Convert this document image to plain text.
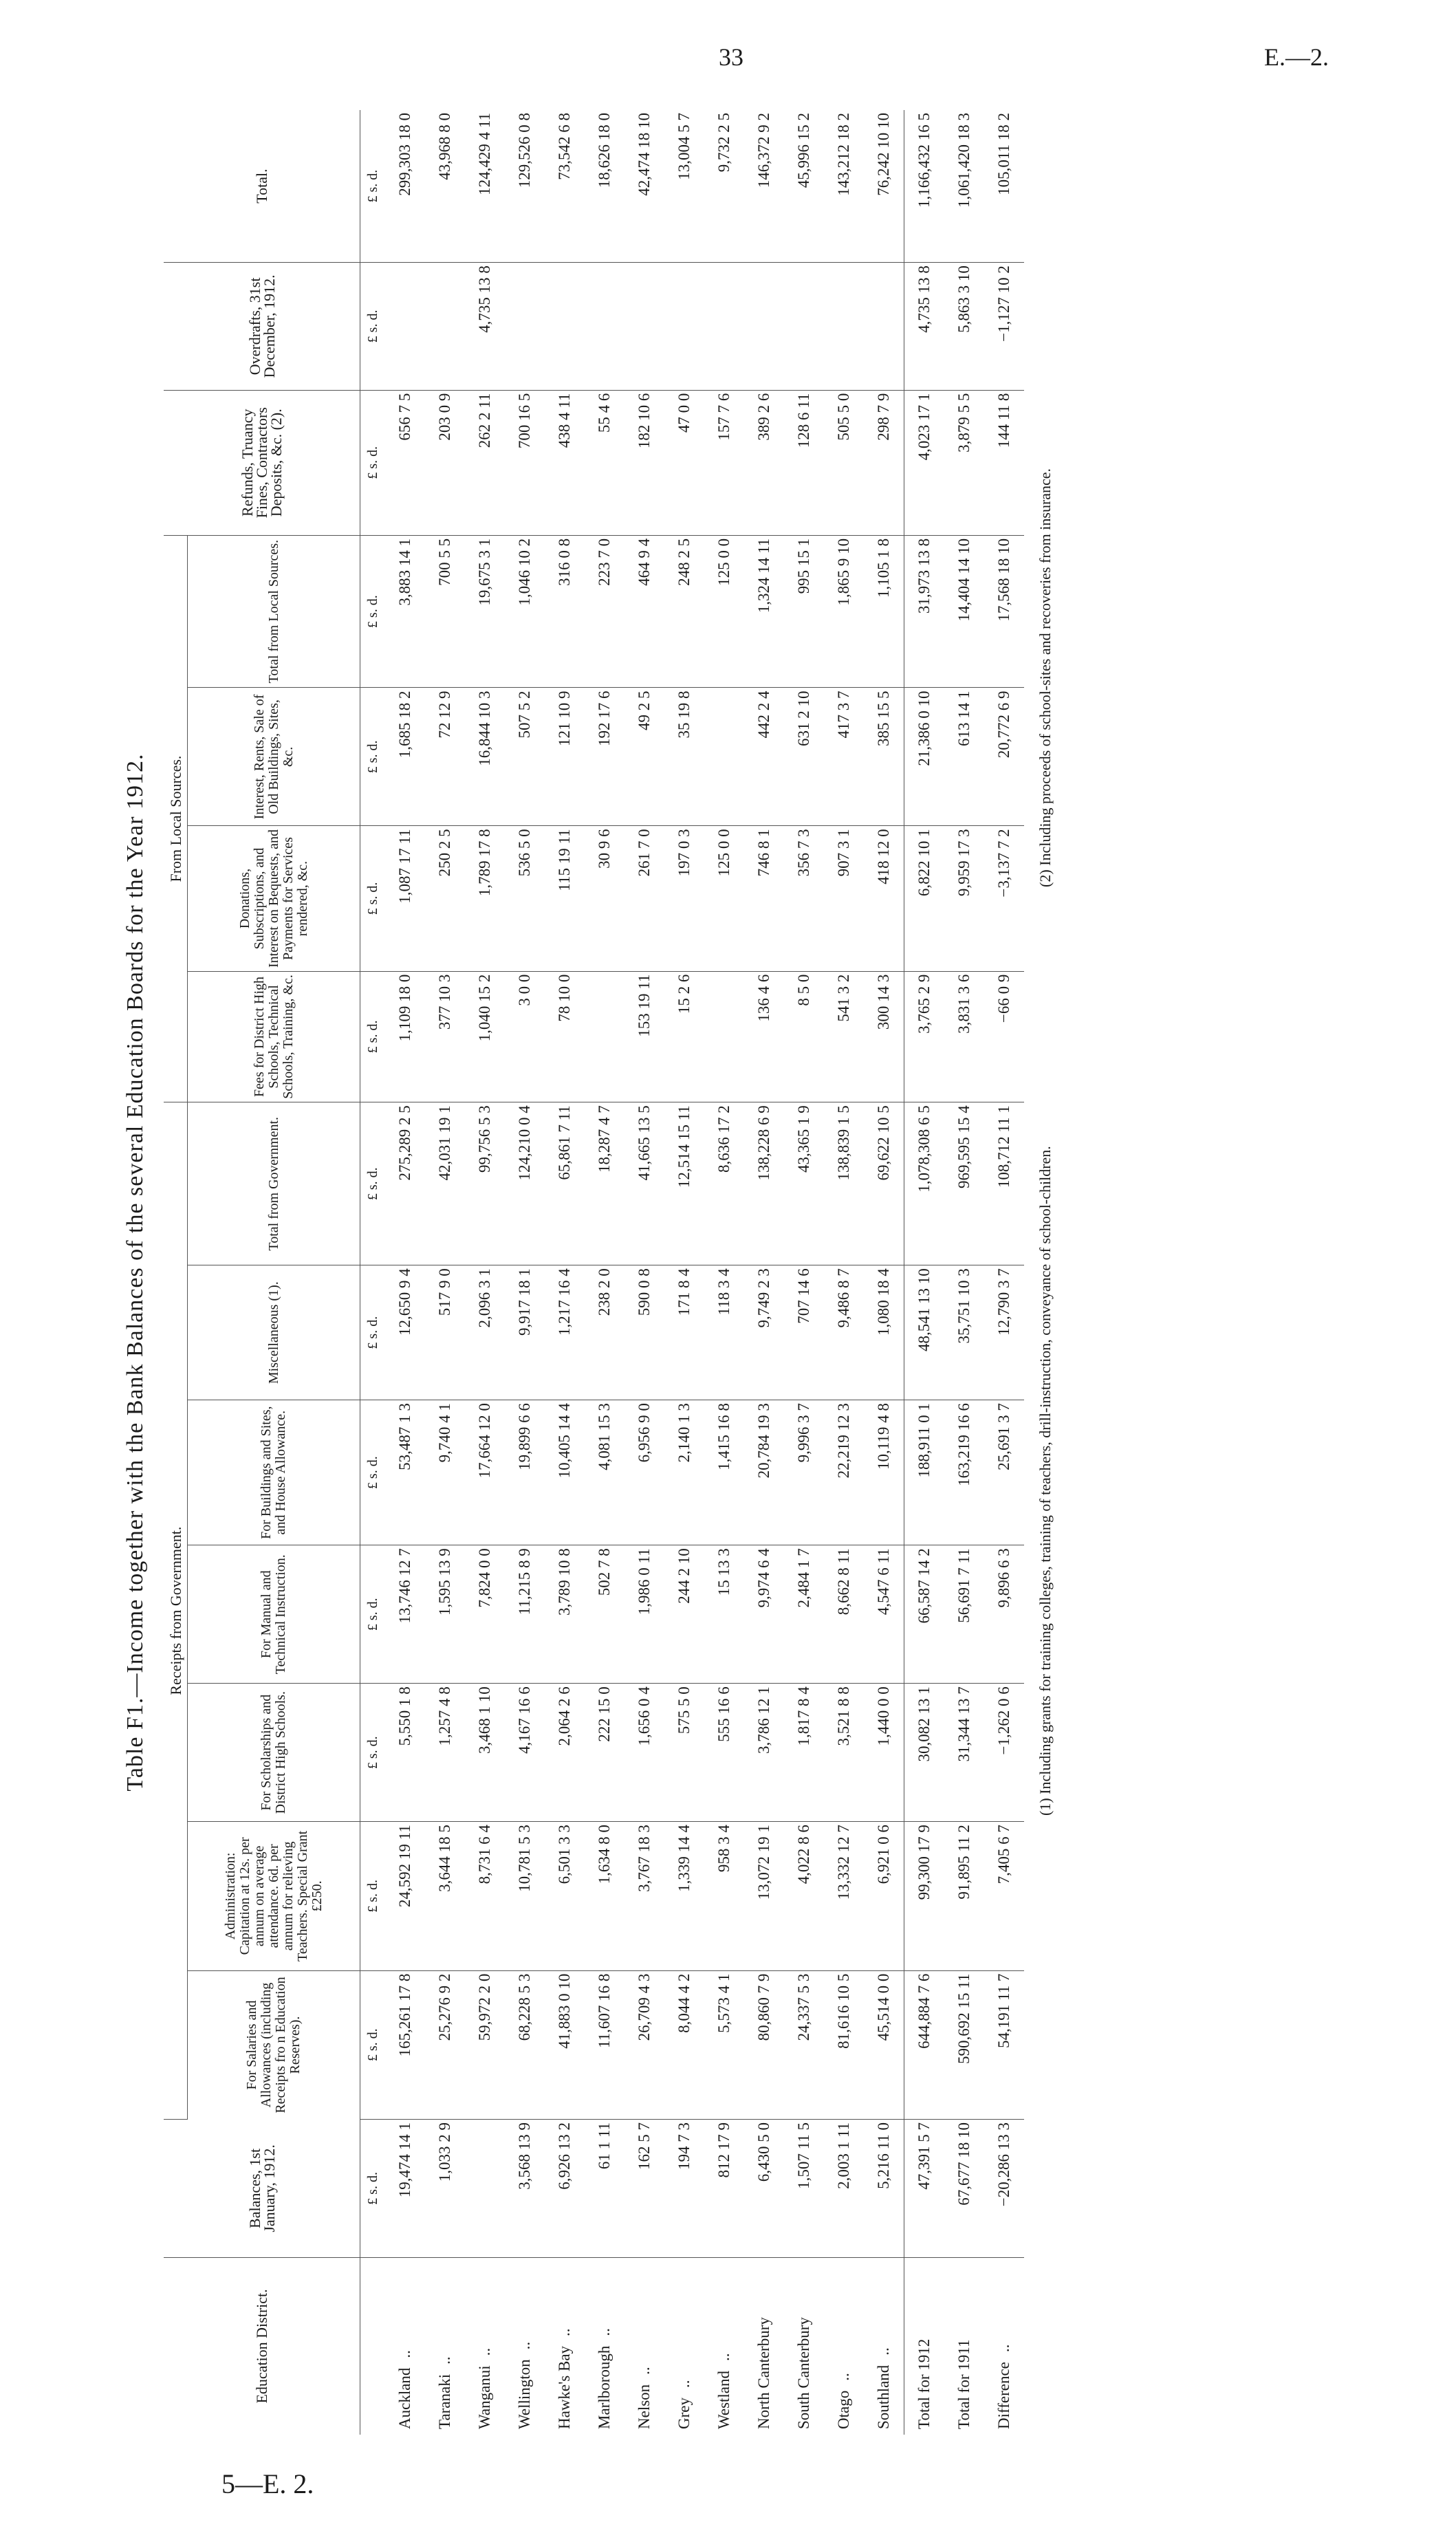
33	E.—2.
5—E. 2.
Table F1.—Income together with the Bank Balances of the several Education Boards for the Year 1912.
Education District.	Balances, 1st January, 1912.	Receipts from Government.							From Local Sources.				Refunds, Truancy Fines, Contractors Deposits, &c. (2).	Overdrafts, 31st December, 1912.	Total.
		For Salaries and Allowances (including Receipts fro n Education Reserves).	Administration: Capitation at 12s. per annum on average attendance. 6d. per annum for relieving Teachers. Special Grant £250.	For Scholarships and District High Schools.	For Manual and Technical Instruction.	For Buildings and Sites, and House Allowance.	Miscellaneous (1).	Total from Government.	Fees for District High Schools, Technical Schools, Training, &c.	Donations, Subscriptions, and Interest on Bequests, and Payments for Services rendered, &c.	Interest, Rents, Sale of Old Buildings, Sites, &c.	Total from Local Sources.			
	£ s. d.	£ s. d.	£ s. d.	£ s. d.	£ s. d.	£ s. d.	£ s. d.	£ s. d.	£ s. d.	£ s. d.	£ s. d.	£ s. d.	£ s. d.	£ s. d.	£ s. d.
Auckland..	19,474 14 1	165,261 17 8	24,592 19 11	5,550 1 8	13,746 12 7	53,487 1 3	12,650 9 4	275,289 2 5	1,109 18 0	1,087 17 11	1,685 18 2	3,883 14 1	656 7 5		299,303 18 0
Taranaki..	1,033 2 9	25,276 9 2	3,644 18 5	1,257 4 8	1,595 13 9	9,740 4 1	517 9 0	42,031 19 1	377 10 3	250 2 5	72 12 9	700 5 5	203 0 9		43,968 8 0
Wanganui..		59,972 2 0	8,731 6 4	3,468 1 10	7,824 0 0	17,664 12 0	2,096 3 1	99,756 5 3	1,040 15 2	1,789 17 8	16,844 10 3	19,675 3 1	262 2 11	4,735 13 8	124,429 4 11
Wellington..	3,568 13 9	68,228 5 3	10,781 5 3	4,167 16 6	11,215 8 9	19,899 6 6	9,917 18 1	124,210 0 4	3 0 0	536 5 0	507 5 2	1,046 10 2	700 16 5		129,526 0 8
Hawke's Bay..	6,926 13 2	41,883 0 10	6,501 3 3	2,064 2 6	3,789 10 8	10,405 14 4	1,217 16 4	65,861 7 11	78 10 0	115 19 11	121 10 9	316 0 8	438 4 11		73,542 6 8
Marlborough..	61 1 11	11,607 16 8	1,634 8 0	222 15 0	502 7 8	4,081 15 3	238 2 0	18,287 4 7		30 9 6	192 17 6	223 7 0	55 4 6		18,626 18 0
Nelson..	162 5 7	26,709 4 3	3,767 18 3	1,656 0 4	1,986 0 11	6,956 9 0	590 0 8	41,665 13 5	153 19 11	261 7 0	49 2 5	464 9 4	182 10 6		42,474 18 10
Grey..	194 7 3	8,044 4 2	1,339 14 4	575 5 0	244 2 10	2,140 1 3	171 8 4	12,514 15 11	15 2 6	197 0 3	35 19 8	248 2 5	47 0 0		13,004 5 7
Westland..	812 17 9	5,573 4 1	958 3 4	555 16 6	15 13 3	1,415 16 8	118 3 4	8,636 17 2		125 0 0		125 0 0	157 7 6		9,732 2 5
North Canterbury	6,430 5 0	80,860 7 9	13,072 19 1	3,786 12 1	9,974 6 4	20,784 19 3	9,749 2 3	138,228 6 9	136 4 6	746 8 1	442 2 4	1,324 14 11	389 2 6		146,372 9 2
South Canterbury	1,507 11 5	24,337 5 3	4,022 8 6	1,817 8 4	2,484 1 7	9,996 3 7	707 14 6	43,365 1 9	8 5 0	356 7 3	631 2 10	995 15 1	128 6 11		45,996 15 2
Otago..	2,003 1 11	81,616 10 5	13,332 12 7	3,521 8 8	8,662 8 11	22,219 12 3	9,486 8 7	138,839 1 5	541 3 2	907 3 1	417 3 7	1,865 9 10	505 5 0		143,212 18 2
Southland..	5,216 11 0	45,514 0 0	6,921 0 6	1,440 0 0	4,547 6 11	10,119 4 8	1,080 18 4	69,622 10 5	300 14 3	418 12 0	385 15 5	1,105 1 8	298 7 9		76,242 10 10
Total for 1912	47,391 5 7	644,884 7 6	99,300 17 9	30,082 13 1	66,587 14 2	188,911 0 1	48,541 13 10	1,078,308 6 5	3,765 2 9	6,822 10 1	21,386 0 10	31,973 13 8	4,023 17 1	4,735 13 8	1,166,432 16 5
Total for 1911	67,677 18 10	590,692 15 11	91,895 11 2	31,344 13 7	56,691 7 11	163,219 16 6	35,751 10 3	969,595 15 4	3,831 3 6	9,959 17 3	613 14 1	14,404 14 10	3,879 5 5	5,863 3 10	1,061,420 18 3
Difference..	−20,286 13 3	54,191 11 7	7,405 6 7	−1,262 0 6	9,896 6 3	25,691 3 7	12,790 3 7	108,712 11 1	−66 0 9	−3,137 7 2	20,772 6 9	17,568 18 10	144 11 8	−1,127 10 2	105,011 18 2
(1) Including grants for training colleges, training of teachers, drill-instruction, conveyance of school-children.
(2) Including proceeds of school-sites and recoveries from insurance.
